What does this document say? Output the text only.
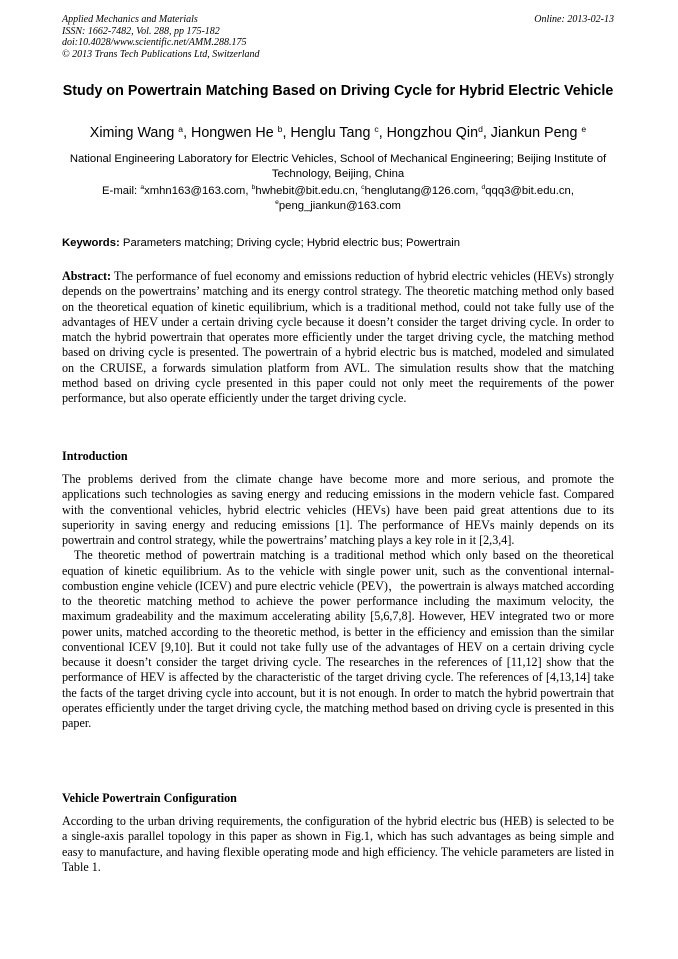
Applied Mechanics and Materials
ISSN: 1662-7482, Vol. 288, pp 175-182
doi:10.4028/www.scientific.net/AMM.288.175
© 2013 Trans Tech Publications Ltd, Switzerland
Online: 2013-02-13
Study on Powertrain Matching Based on Driving Cycle for Hybrid Electric Vehicle
Ximing Wang $^a$, Hongwen He $^b$, Henglu Tang $^c$, Hongzhou Qin$^d$, Jiankun Peng $^e$
National Engineering Laboratory for Electric Vehicles, School of Mechanical Engineering; Beijing Institute of Technology, Beijing, China
E-mail: $^a$xmhn163@163.com, $^b$hwhebit@bit.edu.cn, $^c$henglutang@126.com, $^d$qqq3@bit.edu.cn,
$^e$peng_jiankun@163.com
Keywords: Parameters matching; Driving cycle; Hybrid electric bus; Powertrain
Abstract: The performance of fuel economy and emissions reduction of hybrid electric vehicles (HEVs) strongly depends on the powertrains’ matching and its energy control strategy. The theoretic matching method only based on the theoretical equation of kinetic equilibrium, which is a traditional method, could not take fully use of the advantages of HEV under a certain driving cycle because it doesn’t consider the target driving cycle. In order to match the hybrid powertrain that operates more efficiently under the target driving cycle, the matching method based on driving cycle is presented. The powertrain of a hybrid electric bus is matched, modeled and simulated on the CRUISE, a forwards simulation platform from AVL. The simulation results show that the matching method based on driving cycle presented in this paper could not only meet the requirements of the power performance, but also operate efficiently under the target driving cycle.
Introduction

The problems derived from the climate change have become more and more serious, and promote the applications such technologies as saving energy and reducing emissions in the modern vehicle fast. Compared with the conventional vehicles, hybrid electric vehicles (HEVs) have been paid great attentions due to its superiority in saving energy and reducing emissions [1]. The performance of HEVs mainly depends on its powertrain and control strategy, while the powertrains’ matching plays a key role in it [2,3,4].

The theoretic method of powertrain matching is a traditional method which only based on the theoretical equation of kinetic equilibrium. As to the vehicle with single power unit, such as the conventional internal-combustion engine vehicle (ICEV) and pure electric vehicle (PEV)，the powertrain is always matched according to the theoretic matching method to achieve the power performance including the maximum velocity, the maximum gradeability and the maximum accelerating ability [5,6,7,8]. However, HEV integrated two or more power units, matched according to the theoretic method, is better in the efficiency and emission than the similar conventional ICEV [9,10]. But it could not take fully use of the advantages of HEV on a certain driving cycle because it doesn’t consider the target driving cycle. The researches in the references of [11,12] show that the performance of HEV is affected by the characteristic of the target driving cycle. The references of [4,13,14] take the facts of the target driving cycle into account, but it is not enough. In order to match the hybrid powertrain that operates efficiently under the target driving cycle, the matching method based on driving cycle is presented in this paper.

Vehicle Powertrain Configuration

According to the urban driving requirements, the configuration of the hybrid electric bus (HEB) is selected to be a single-axis parallel topology in this paper as shown in Fig.1, which has such advantages as being simple and easy to manufacture, and having flexible operating mode and high efficiency. The vehicle parameters are listed in Table 1.
